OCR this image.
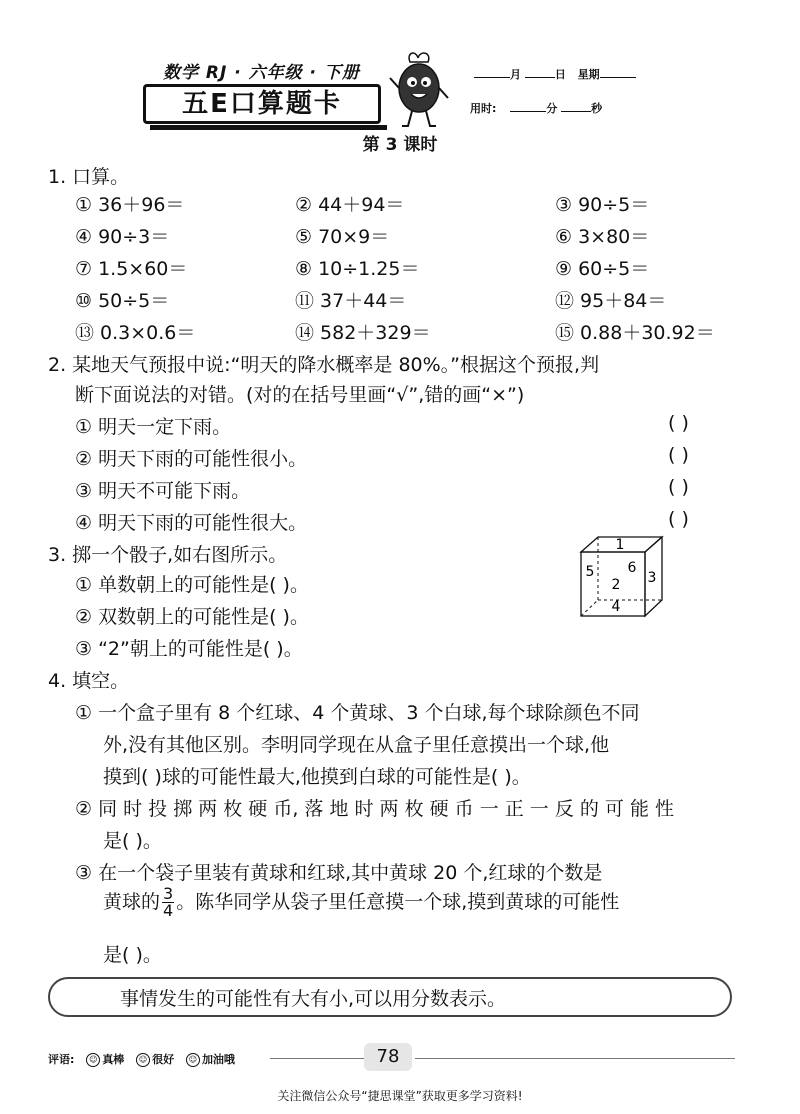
数学 RJ · 六年级 · 下册
五E口算题卡
月	日 星期
用时:	分	秒
第 3 课时
1. 口算。
① 36＋96＝	② 44＋94＝	③ 90÷5＝
④ 90÷3＝	⑤ 70×9＝	⑥ 3×80＝
⑦ 1.5×60＝	⑧ 10÷1.25＝	⑨ 60÷5＝
⑩ 50÷5＝	⑪ 37＋44＝	⑫ 95＋84＝
⑬ 0.3×0.6＝	⑭ 582＋329＝	⑮ 0.88＋30.92＝
2. 某地天气预报中说:“明天的降水概率是 80%。”根据这个预报,判
断下面说法的对错。(对的在括号里画“√”,错的画“×”)
① 明天一定下雨。	( )
② 明天下雨的可能性很小。	( )
③ 明天不可能下雨。	( )
④ 明天下雨的可能性很大。	( )
3. 掷一个骰子,如右图所示。
① 单数朝上的可能性是( )。
② 双数朝上的可能性是( )。
③ “2”朝上的可能性是( )。
1
5 6
2 3
4
4. 填空。
① 一个盒子里有 8 个红球、4 个黄球、3 个白球,每个球除颜色不同
外,没有其他区别。李明同学现在从盒子里任意摸出一个球,他
摸到( )球的可能性最大,他摸到白球的可能性是( )。
② 同 时 投 掷 两 枚 硬 币, 落 地 时 两 枚 硬 币 一 正 一 反 的 可 能 性
是( )。
③ 在一个袋子里装有黄球和红球,其中黄球 20 个,红球的个数是
黄球的 $\frac{3}{4}$ 。陈华同学从袋子里任意摸一个球,摸到黄球的可能性
是( )。
事情发生的可能性有大有小,可以用分数表示。
评语: ☺ 真棒 ☺ 很好 ☺ 加油哦	78
关注微信公众号“捷思课堂”获取更多学习资料!
